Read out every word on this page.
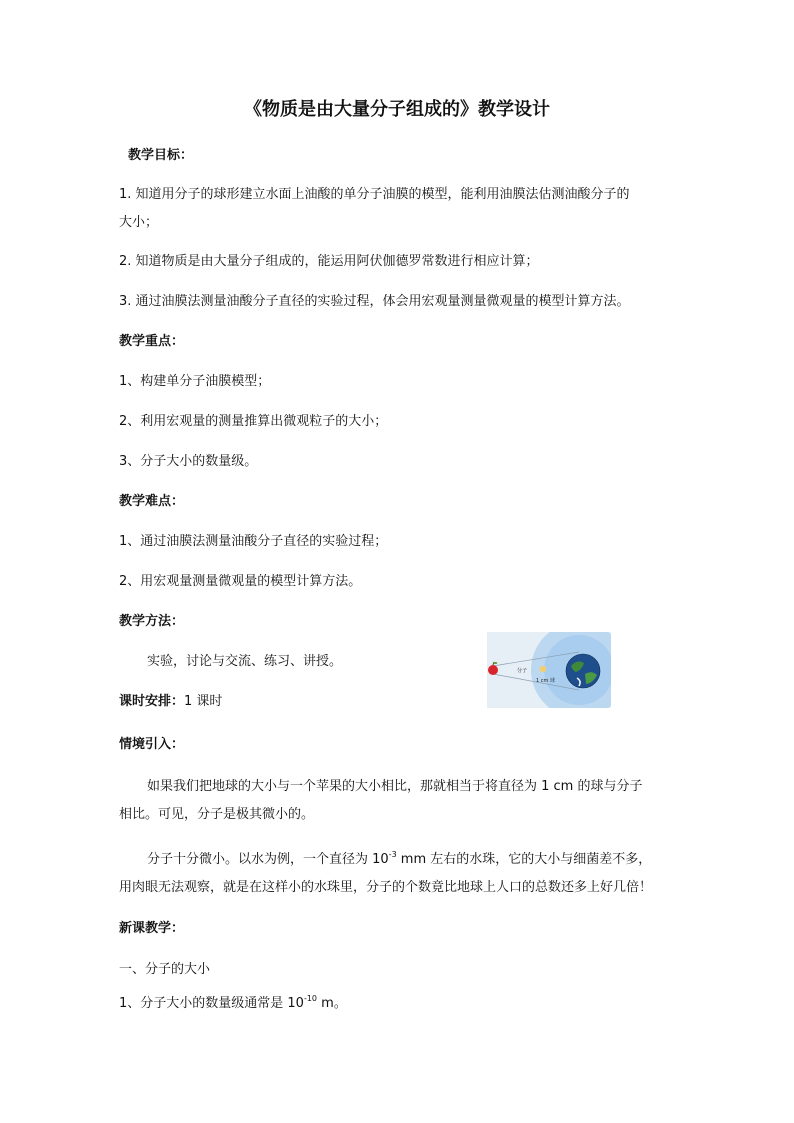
《物质是由大量分子组成的》教学设计
教学目标：
1. 知道用分子的球形建立水面上油酸的单分子油膜的模型，能利用油膜法估测油酸分子的
大小；
2. 知道物质是由大量分子组成的，能运用阿伏伽德罗常数进行相应计算；
3. 通过油膜法测量油酸分子直径的实验过程，体会用宏观量测量微观量的模型计算方法。
教学重点：
1、构建单分子油膜模型；
2、利用宏观量的测量推算出微观粒子的大小；
3、分子大小的数量级。
教学难点：
1、通过油膜法测量油酸分子直径的实验过程；
2、用宏观量测量微观量的模型计算方法。
教学方法：
实验，讨论与交流、练习、讲授。
课时安排：1 课时
分子
1 cm 球
情境引入：
如果我们把地球的大小与一个苹果的大小相比，那就相当于将直径为 1 cm 的球与分子
相比。可见，分子是极其微小的。
分子十分微小。以水为例，一个直径为 $10^{-3}$ mm 左右的水珠，它的大小与细菌差不多，
用肉眼无法观察，就是在这样小的水珠里，分子的个数竟比地球上人口的总数还多上好几倍！
新课教学：
一、分子的大小
1、分子大小的数量级通常是 $10^{-10}$ m。
